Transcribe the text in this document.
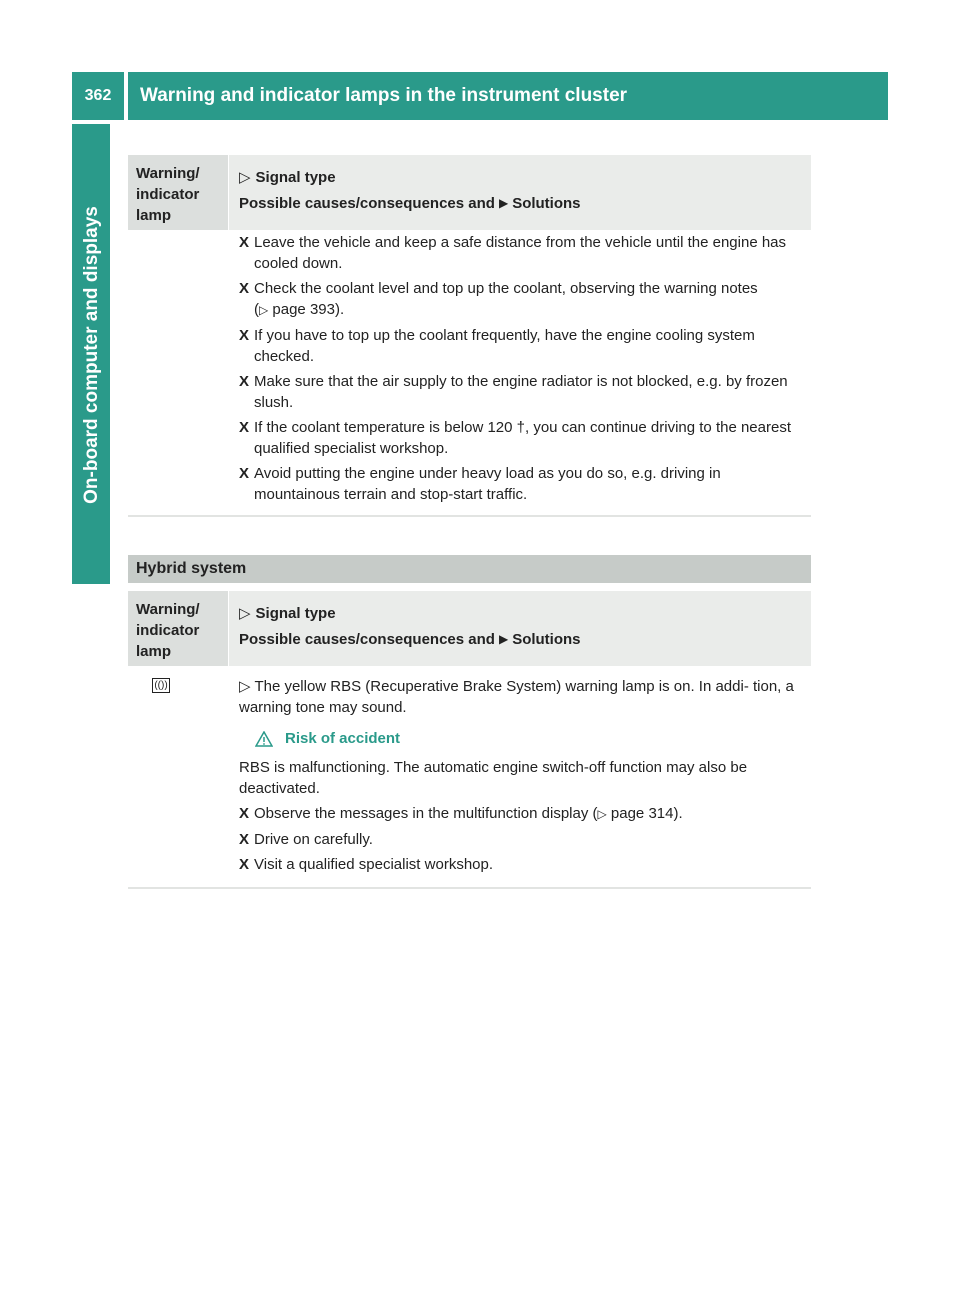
362	Warning and indicator lamps in the instrument cluster
On-board computer and displays
Warning/
indicator
lamp
▷ Signal type
Possible causes/consequences and ▶ Solutions
X Leave the vehicle and keep a safe distance from the vehicle until the engine has cooled down.
X Check the coolant level and top up the coolant, observing the warning notes
(▷ page 393).
X If you have to top up the coolant frequently, have the engine cooling system checked.
X Make sure that the air supply to the engine radiator is not blocked, e.g. by frozen slush.
X If the coolant temperature is below 120 †, you can continue driving to the nearest qualified specialist workshop.
X Avoid putting the engine under heavy load as you do so, e.g. driving in mountainous terrain and stop-start traffic.
Hybrid system
Warning/
indicator
lamp
▷ Signal type
Possible causes/consequences and ▶ Solutions
(())	▷ The yellow RBS (Recuperative Brake System) warning lamp is on. In addi- tion, a warning tone may sound.
Risk of accident
RBS is malfunctioning. The automatic engine switch-off function may also be deactivated.
X Observe the messages in the multifunction display (▷ page 314).
X Drive on carefully.
X Visit a qualified specialist workshop.
